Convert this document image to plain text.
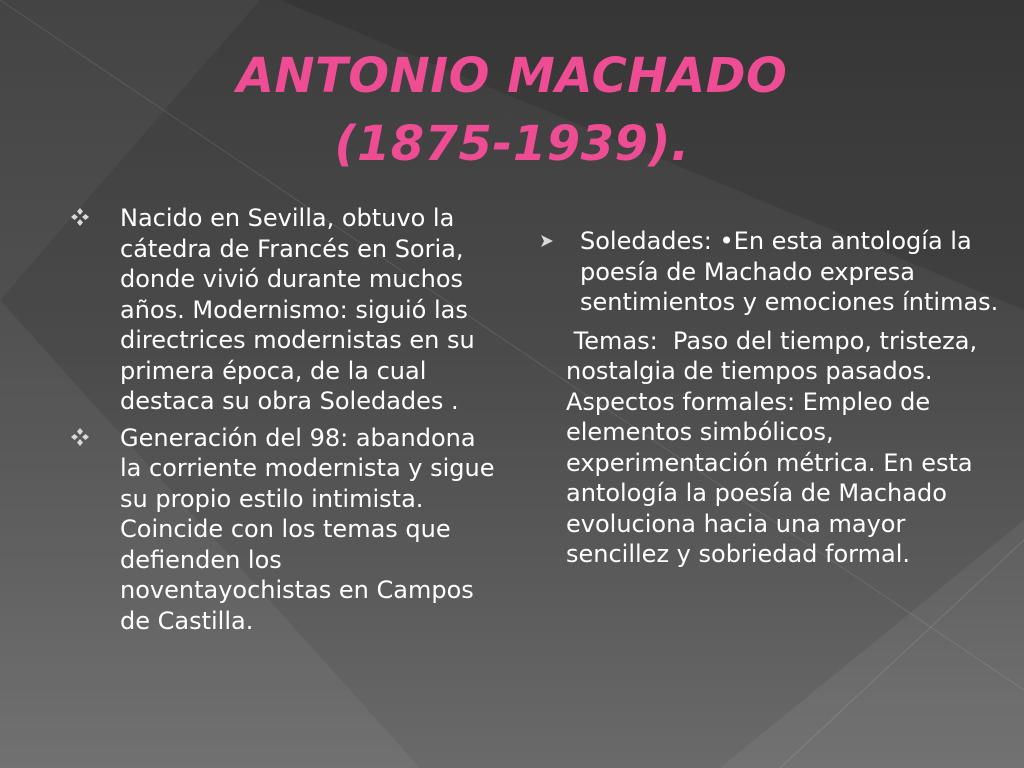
ANTONIO MACHADO
(1875-1939).
Nacido en Sevilla, obtuvo la cátedra de Francés en Soria, donde vivió durante muchos años. Modernismo: siguió las directrices modernistas en su primera época, de la cual destaca su obra Soledades .
Generación del 98: abandona la corriente modernista y sigue su propio estilo intimista. Coincide con los temas que defienden los noventayochistas en Campos de Castilla.
Soledades: •En esta antología la poesía de Machado expresa sentimientos y emociones íntimas.
Temas:  Paso del tiempo, tristeza, nostalgia de tiempos pasados. Aspectos formales: Empleo de elementos simbólicos, experimentación métrica. En esta antología la poesía de Machado evoluciona hacia una mayor sencillez y sobriedad formal.
